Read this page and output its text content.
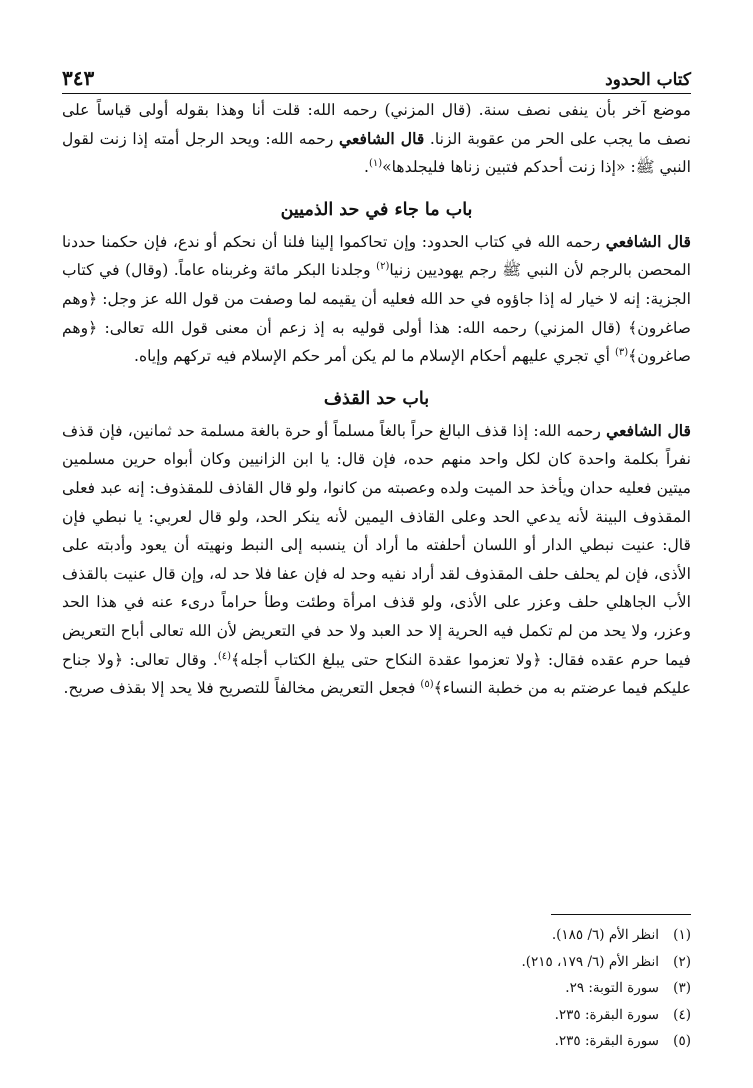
كتاب الحدود
٣٤٣

موضع آخر بأن ينفى نصف سنة. (قال المزني) رحمه الله: قلت أنا وهذا بقوله أولى قياساً على نصف ما يجب على الحر من عقوبة الزنا. قال الشافعي رحمه الله: ويحد الرجل أمته إذا زنت لقول النبي ﷺ: «إذا زنت أحدكم فتبين زناها فليجلدها»$^{(١)}$.

باب ما جاء في حد الذميين

قال الشافعي رحمه الله في كتاب الحدود: وإن تحاكموا إلينا فلنا أن نحكم أو ندع، فإن حكمنا حددنا المحصن بالرجم لأن النبي ﷺ رجم يهوديين زنيا$^{(٢)}$ وجلدنا البكر مائة وغربناه عاماً. (وقال) في كتاب الجزية: إنه لا خيار له إذا جاؤوه في حد الله فعليه أن يقيمه لما وصفت من قول الله عز وجل: ﴿وهم صاغرون﴾ (قال المزني) رحمه الله: هذا أولى قوليه به إذ زعم أن معنى قول الله تعالى: ﴿وهم صاغرون﴾$^{(٣)}$ أي تجري عليهم أحكام الإسلام ما لم يكن أمر حكم الإسلام فيه تركهم وإياه.

باب حد القذف

قال الشافعي رحمه الله: إذا قذف البالغ حراً بالغاً مسلماً أو حرة بالغة مسلمة حد ثمانين، فإن قذف نفراً بكلمة واحدة كان لكل واحد منهم حده، فإن قال: يا ابن الزانيين وكان أبواه حرين مسلمين ميتين فعليه حدان ويأخذ حد الميت ولده وعصبته من كانوا، ولو قال القاذف للمقذوف: إنه عبد فعلى المقذوف البينة لأنه يدعي الحد وعلى القاذف اليمين لأنه ينكر الحد، ولو قال لعربي: يا نبطي فإن قال: عنيت نبطي الدار أو اللسان أحلفته ما أراد أن ينسبه إلى النبط ونهيته أن يعود وأدبته على الأذى، فإن لم يحلف حلف المقذوف لقد أراد نفيه وحد له فإن عفا فلا حد له، وإن قال عنيت بالقذف الأب الجاهلي حلف وعزر على الأذى، ولو قذف امرأة وطئت وطأ حراماً درىء عنه في هذا الحد وعزر، ولا يحد من لم تكمل فيه الحرية إلا حد العبد ولا حد في التعريض لأن الله تعالى أباح التعريض فيما حرم عقده فقال: ﴿ولا تعزموا عقدة النكاح حتى يبلغ الكتاب أجله﴾$^{(٤)}$. وقال تعالى: ﴿ولا جناح عليكم فيما عرضتم به من خطبة النساء﴾$^{(٥)}$ فجعل التعريض مخالفاً للتصريح فلا يحد إلا بقذف صريح.

(١)
انظر الأم (٦/ ١٨٥).
(٢)
انظر الأم (٦/ ١٧٩، ٢١٥).
(٣)
سورة التوبة: ٢٩.
(٤)
سورة البقرة: ٢٣٥.
(٥)
سورة البقرة: ٢٣٥.
